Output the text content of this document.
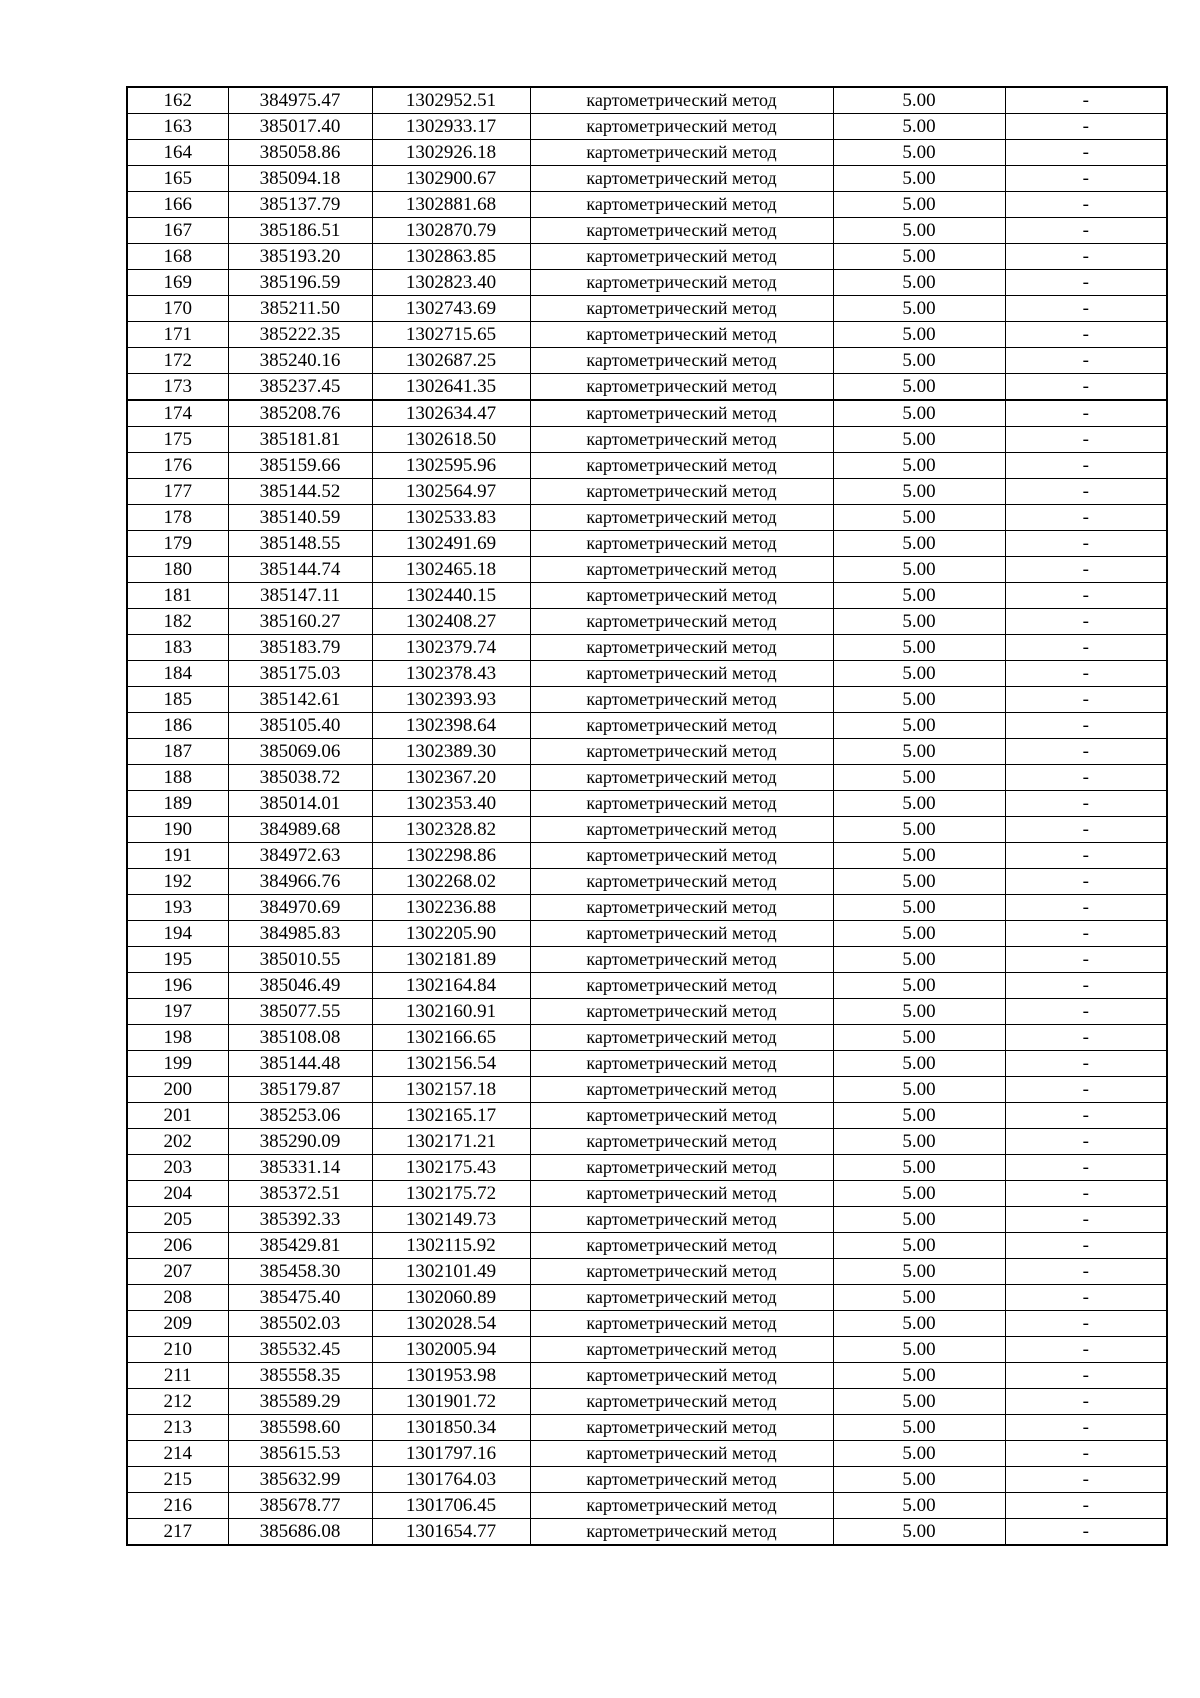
162	384975.47	1302952.51	картометрический метод	5.00	-
163	385017.40	1302933.17	картометрический метод	5.00	-
164	385058.86	1302926.18	картометрический метод	5.00	-
165	385094.18	1302900.67	картометрический метод	5.00	-
166	385137.79	1302881.68	картометрический метод	5.00	-
167	385186.51	1302870.79	картометрический метод	5.00	-
168	385193.20	1302863.85	картометрический метод	5.00	-
169	385196.59	1302823.40	картометрический метод	5.00	-
170	385211.50	1302743.69	картометрический метод	5.00	-
171	385222.35	1302715.65	картометрический метод	5.00	-
172	385240.16	1302687.25	картометрический метод	5.00	-
173	385237.45	1302641.35	картометрический метод	5.00	-
174	385208.76	1302634.47	картометрический метод	5.00	-
175	385181.81	1302618.50	картометрический метод	5.00	-
176	385159.66	1302595.96	картометрический метод	5.00	-
177	385144.52	1302564.97	картометрический метод	5.00	-
178	385140.59	1302533.83	картометрический метод	5.00	-
179	385148.55	1302491.69	картометрический метод	5.00	-
180	385144.74	1302465.18	картометрический метод	5.00	-
181	385147.11	1302440.15	картометрический метод	5.00	-
182	385160.27	1302408.27	картометрический метод	5.00	-
183	385183.79	1302379.74	картометрический метод	5.00	-
184	385175.03	1302378.43	картометрический метод	5.00	-
185	385142.61	1302393.93	картометрический метод	5.00	-
186	385105.40	1302398.64	картометрический метод	5.00	-
187	385069.06	1302389.30	картометрический метод	5.00	-
188	385038.72	1302367.20	картометрический метод	5.00	-
189	385014.01	1302353.40	картометрический метод	5.00	-
190	384989.68	1302328.82	картометрический метод	5.00	-
191	384972.63	1302298.86	картометрический метод	5.00	-
192	384966.76	1302268.02	картометрический метод	5.00	-
193	384970.69	1302236.88	картометрический метод	5.00	-
194	384985.83	1302205.90	картометрический метод	5.00	-
195	385010.55	1302181.89	картометрический метод	5.00	-
196	385046.49	1302164.84	картометрический метод	5.00	-
197	385077.55	1302160.91	картометрический метод	5.00	-
198	385108.08	1302166.65	картометрический метод	5.00	-
199	385144.48	1302156.54	картометрический метод	5.00	-
200	385179.87	1302157.18	картометрический метод	5.00	-
201	385253.06	1302165.17	картометрический метод	5.00	-
202	385290.09	1302171.21	картометрический метод	5.00	-
203	385331.14	1302175.43	картометрический метод	5.00	-
204	385372.51	1302175.72	картометрический метод	5.00	-
205	385392.33	1302149.73	картометрический метод	5.00	-
206	385429.81	1302115.92	картометрический метод	5.00	-
207	385458.30	1302101.49	картометрический метод	5.00	-
208	385475.40	1302060.89	картометрический метод	5.00	-
209	385502.03	1302028.54	картометрический метод	5.00	-
210	385532.45	1302005.94	картометрический метод	5.00	-
211	385558.35	1301953.98	картометрический метод	5.00	-
212	385589.29	1301901.72	картометрический метод	5.00	-
213	385598.60	1301850.34	картометрический метод	5.00	-
214	385615.53	1301797.16	картометрический метод	5.00	-
215	385632.99	1301764.03	картометрический метод	5.00	-
216	385678.77	1301706.45	картометрический метод	5.00	-
217	385686.08	1301654.77	картометрический метод	5.00	-
